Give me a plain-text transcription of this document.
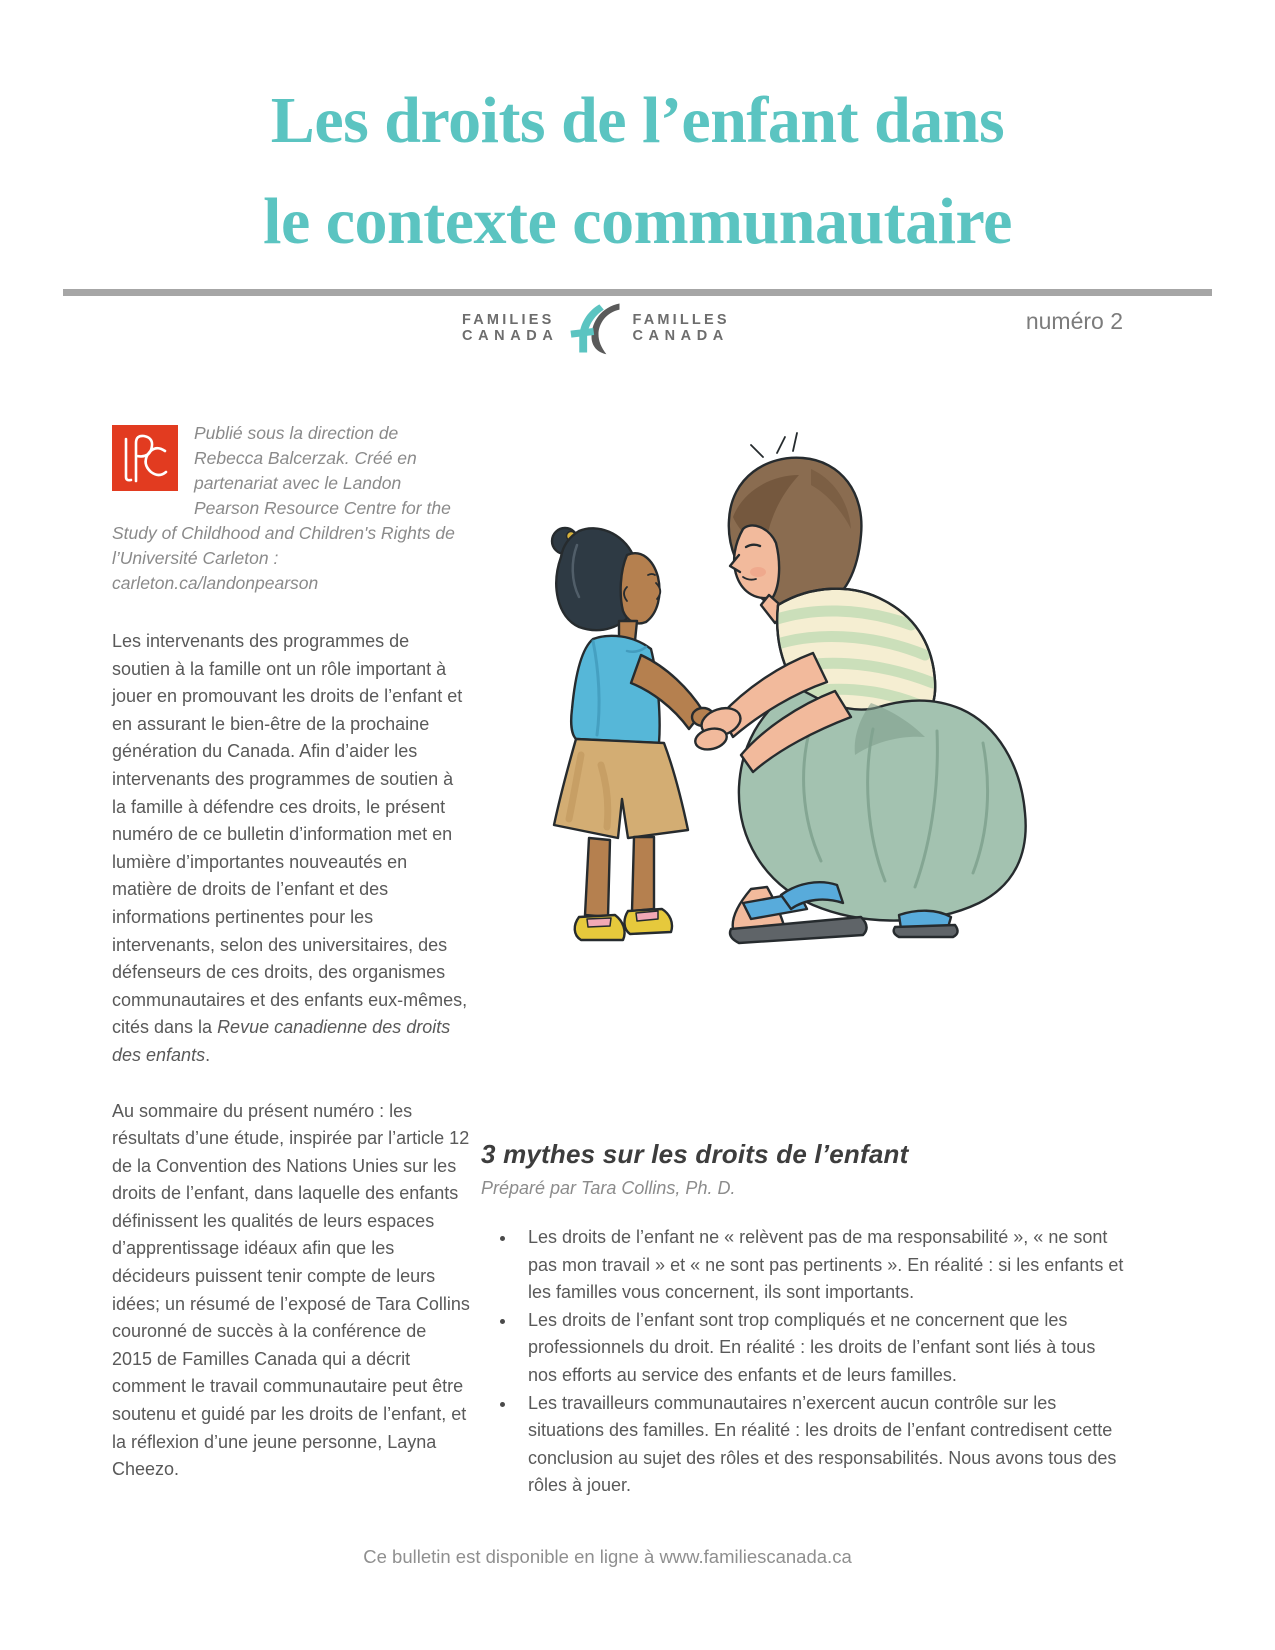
Les droits de l’enfant dans
le contexte communautaire
FAMILIES
CANADA
FAMILLES
CANADA
numéro 2

Publié sous la direction de Rebecca Balcerzak. Créé en partenariat avec le Landon Pearson Resource Centre for the Study of Childhood and Children's Rights de l’Université Carleton : carleton.ca/landonpearson

Les intervenants des programmes de soutien à la famille ont un rôle important à jouer en promouvant les droits de l’enfant et en assurant le bien-être de la prochaine génération du Canada. Afin d’aider les intervenants des programmes de soutien à la famille à défendre ces droits, le présent numéro de ce bulletin d’information met en lumière d’importantes nouveautés en matière de droits de l’enfant et des informations pertinentes pour les intervenants, selon des universitaires, des défenseurs de ces droits, des organismes communautaires et des enfants eux-mêmes, cités dans la Revue canadienne des droits des enfants.

Au sommaire du présent numéro : les résultats d’une étude, inspirée par l’article 12 de la Convention des Nations Unies sur les droits de l’enfant, dans laquelle des enfants définissent les qualités de leurs espaces d’apprentissage idéaux afin que les décideurs puissent tenir compte de leurs idées; un résumé de l’exposé de Tara Collins couronné de succès à la conférence de 2015 de Familles Canada qui a décrit comment le travail communautaire peut être soutenu et guidé par les droits de l’enfant, et la réflexion d’une jeune personne, Layna Cheezo.

3 mythes sur les droits de l’enfant

Préparé par Tara Collins, Ph. D.

Les droits de l’enfant ne « relèvent pas de ma responsabilité », « ne sont pas mon travail » et « ne sont pas pertinents ». En réalité : si les enfants et les familles vous concernent, ils sont importants.
Les droits de l’enfant sont trop compliqués et ne concernent que les professionnels du droit. En réalité : les droits de l’enfant sont liés à tous nos efforts au service des enfants et de leurs familles.
Les travailleurs communautaires n’exercent aucun contrôle sur les situations des familles. En réalité : les droits de l’enfant contredisent cette conclusion au sujet des rôles et des responsabilités. Nous avons tous des rôles à jouer.

Ce bulletin est disponible en ligne à www.familiescanada.ca
